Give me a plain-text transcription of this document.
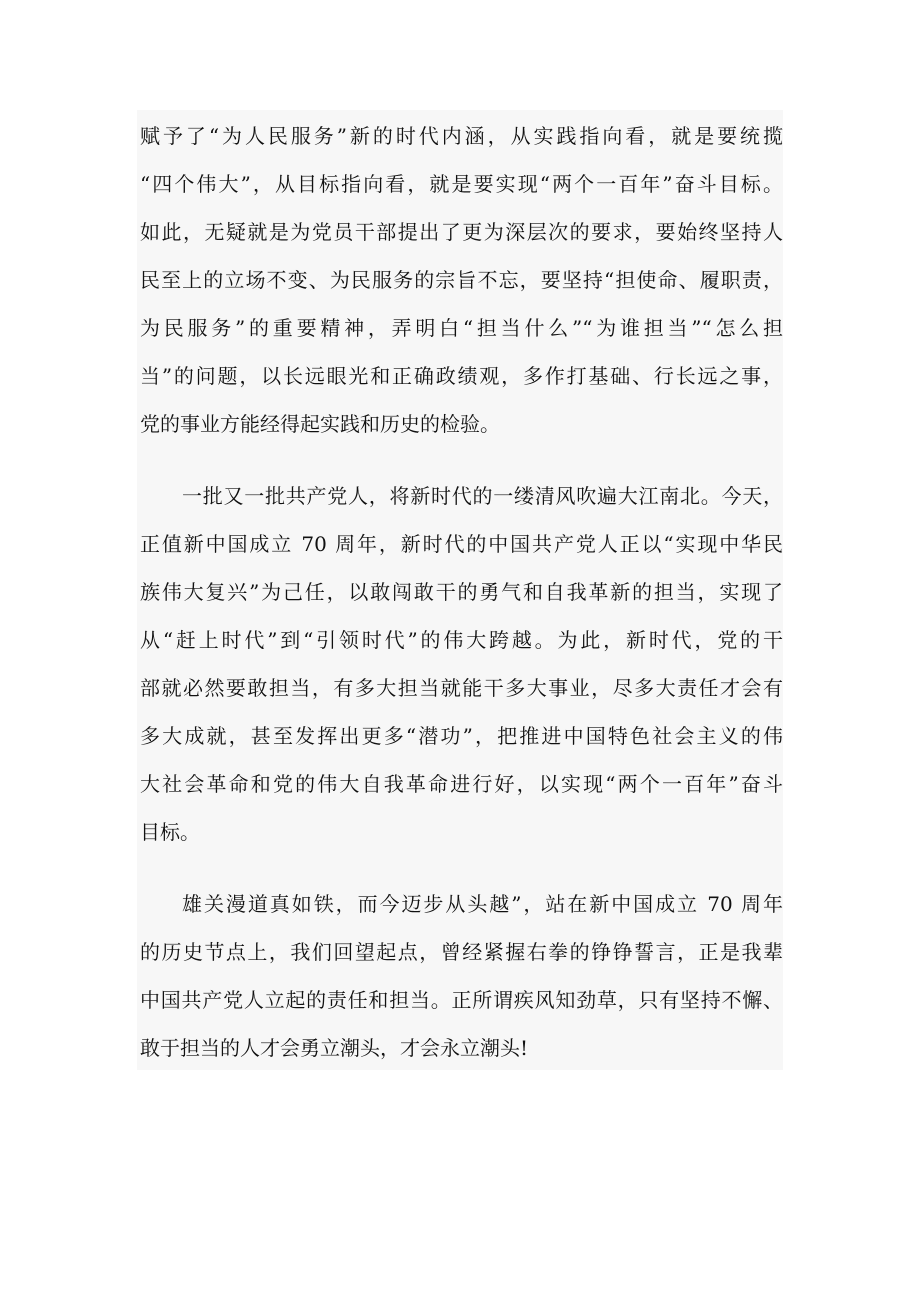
赋予了“为人民服务”新的时代内涵，从实践指向看，就是要统揽
“四个伟大”，从目标指向看，就是要实现“两个一百年”奋斗目标。
如此，无疑就是为党员干部提出了更为深层次的要求，要始终坚持人
民至上的立场不变、为民服务的宗旨不忘，要坚持“担使命、履职责，
为民服务”的重要精神，弄明白“担当什么”“为谁担当”“怎么担
当”的问题，以长远眼光和正确政绩观，多作打基础、行长远之事，
党的事业方能经得起实践和历史的检验。
一批又一批共产党人，将新时代的一缕清风吹遍大江南北。今天，
正值新中国成立 70 周年，新时代的中国共产党人正以“实现中华民
族伟大复兴”为己任，以敢闯敢干的勇气和自我革新的担当，实现了
从“赶上时代”到“引领时代”的伟大跨越。为此，新时代，党的干
部就必然要敢担当，有多大担当就能干多大事业，尽多大责任才会有
多大成就，甚至发挥出更多“潜功”，把推进中国特色社会主义的伟
大社会革命和党的伟大自我革命进行好，以实现“两个一百年”奋斗
目标。
雄关漫道真如铁，而今迈步从头越”，站在新中国成立 70 周年
的历史节点上，我们回望起点，曾经紧握右拳的铮铮誓言，正是我辈
中国共产党人立起的责任和担当。正所谓疾风知劲草，只有坚持不懈、
敢于担当的人才会勇立潮头，才会永立潮头!
